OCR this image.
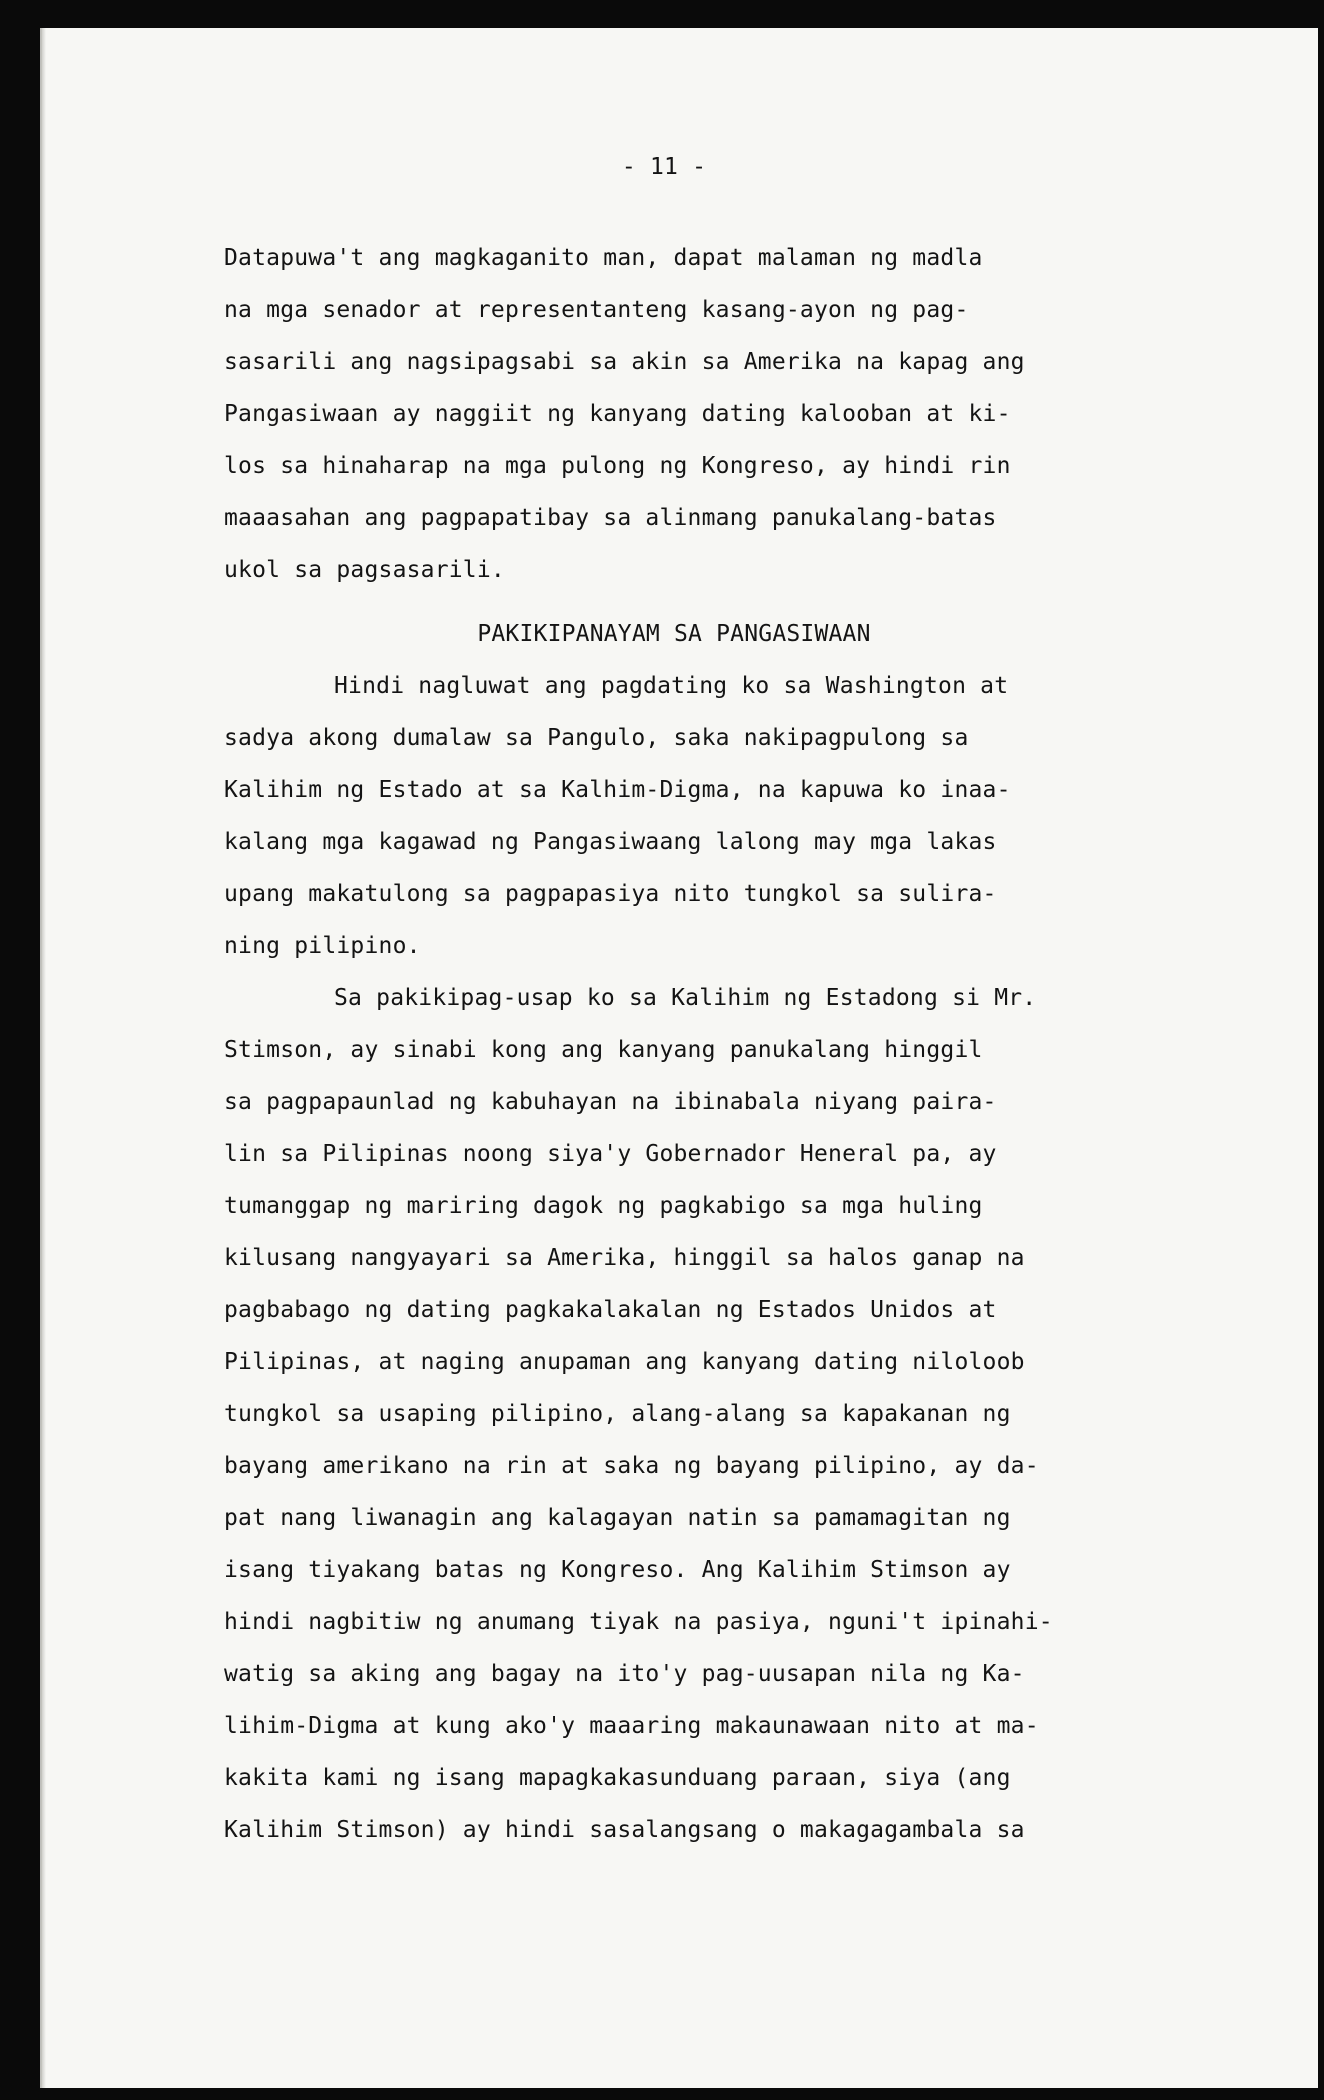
- 11 -
Datapuwa't ang magkaganito man, dapat malaman ng madla
na mga senador at representanteng kasang-ayon ng pag-
sasarili ang nagsipagsabi sa akin sa Amerika na kapag ang
Pangasiwaan ay naggiit ng kanyang dating kalooban at ki-
los sa hinaharap na mga pulong ng Kongreso, ay hindi rin
maaasahan ang pagpapatibay sa alinmang panukalang-batas
ukol sa pagsasarili.
PAKIKIPANAYAM SA PANGASIWAAN
Hindi nagluwat ang pagdating ko sa Washington at
sadya akong dumalaw sa Pangulo, saka nakipagpulong sa
Kalihim ng Estado at sa Kalhim-Digma, na kapuwa ko inaa-
kalang mga kagawad ng Pangasiwaang lalong may mga lakas
upang makatulong sa pagpapasiya nito tungkol sa sulira-
ning pilipino.
Sa pakikipag-usap ko sa Kalihim ng Estadong si Mr.
Stimson, ay sinabi kong ang kanyang panukalang hinggil
sa pagpapaunlad ng kabuhayan na ibinabala niyang paira-
lin sa Pilipinas noong siya'y Gobernador Heneral pa, ay
tumanggap ng mariring dagok ng pagkabigo sa mga huling
kilusang nangyayari sa Amerika, hinggil sa halos ganap na
pagbabago ng dating pagkakalakalan ng Estados Unidos at
Pilipinas, at naging anupaman ang kanyang dating niloloob
tungkol sa usaping pilipino, alang-alang sa kapakanan ng
bayang amerikano na rin at saka ng bayang pilipino, ay da-
pat nang liwanagin ang kalagayan natin sa pamamagitan ng
isang tiyakang batas ng Kongreso. Ang Kalihim Stimson ay
hindi nagbitiw ng anumang tiyak na pasiya, nguni't ipinahi-
watig sa aking ang bagay na ito'y pag-uusapan nila ng Ka-
lihim-Digma at kung ako'y maaaring makaunawaan nito at ma-
kakita kami ng isang mapagkakasunduang paraan, siya (ang
Kalihim Stimson) ay hindi sasalangsang o makagagambala sa
